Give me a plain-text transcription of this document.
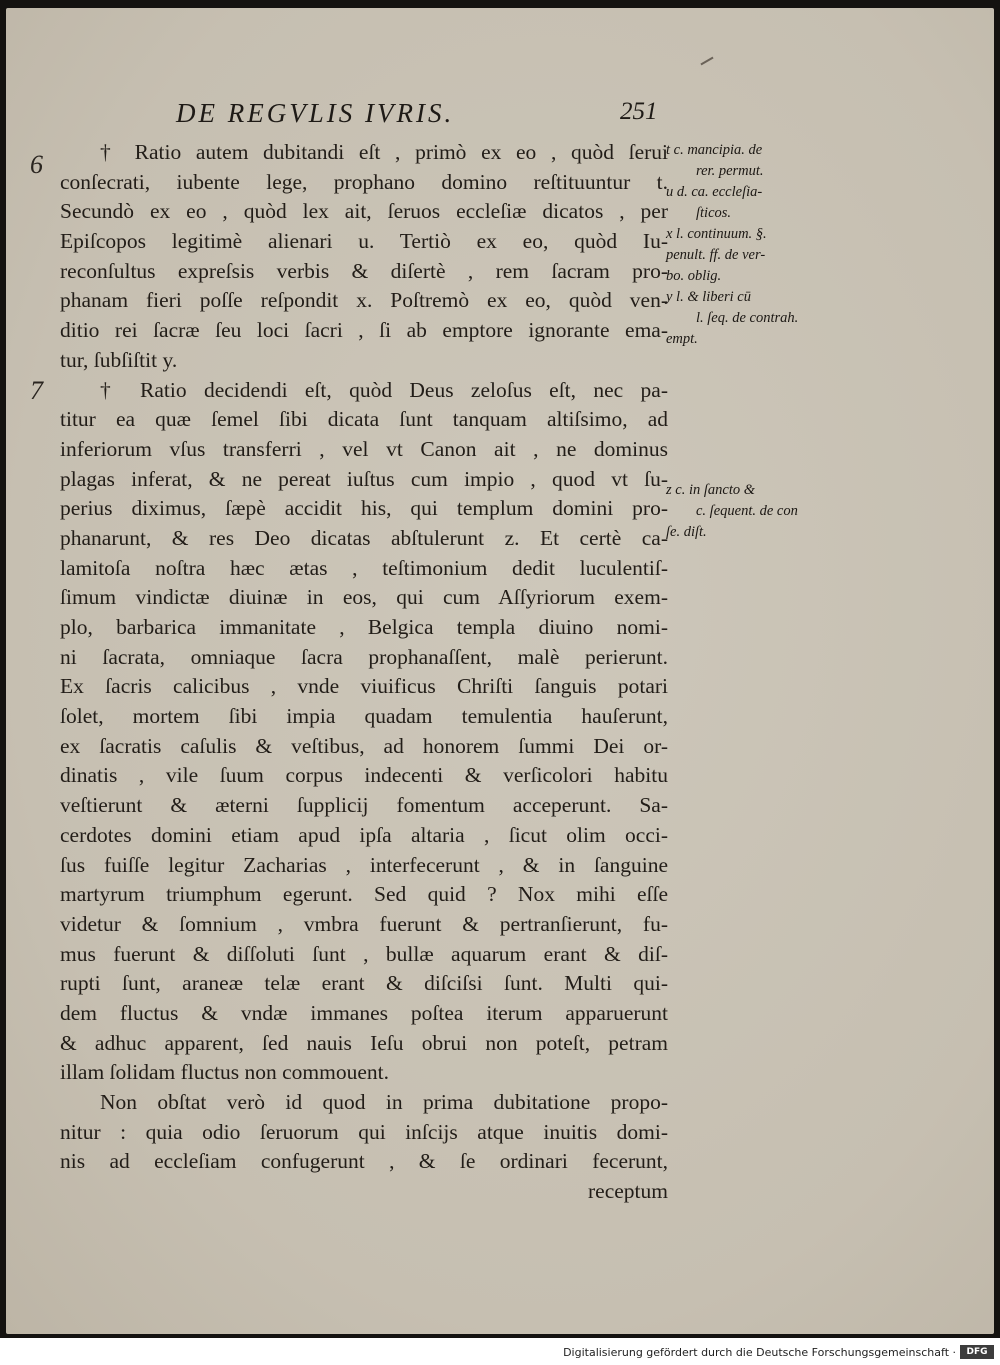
DE REGVLIS IVRIS.	251
6
7
† Ratio autem dubitandi eſt , primò ex eo , quòd ſerui
conſecrati, iubente lege, prophano domino reſtituuntur t.
Secundò ex eo , quòd lex ait, ſeruos eccleſiæ dicatos , per
Epiſcopos legitimè alienari u. Tertiò ex eo, quòd Iu-
reconſultus expreſsis verbis & diſertè , rem ſacram pro-
phanam fieri poſſe reſpondit x. Poſtremò ex eo, quòd ven-
ditio rei ſacræ ſeu loci ſacri , ſi ab emptore ignorante ema-
tur, ſubſiſtit y.
† Ratio decidendi eſt, quòd Deus zeloſus eſt, nec pa-
titur ea quæ ſemel ſibi dicata ſunt tanquam altiſsimo, ad
inferiorum vſus transferri , vel vt Canon ait , ne dominus
plagas inferat, & ne pereat iuſtus cum impio , quod vt ſu-
perius diximus, ſæpè accidit his, qui templum domini pro-
phanarunt, & res Deo dicatas abſtulerunt z. Et certè ca-
lamitoſa noſtra hæc ætas , teſtimonium dedit luculentiſ-
ſimum vindictæ diuinæ in eos, qui cum Aſſyriorum exem-
plo, barbarica immanitate , Belgica templa diuino nomi-
ni ſacrata, omniaque ſacra prophanaſſent, malè perierunt.
Ex ſacris calicibus , vnde viuificus Chriſti ſanguis potari
ſolet, mortem ſibi impia quadam temulentia hauſerunt,
ex ſacratis caſulis & veſtibus, ad honorem ſummi Dei or-
dinatis , vile ſuum corpus indecenti & verſicolori habitu
veſtierunt & æterni ſupplicij fomentum acceperunt. Sa-
cerdotes domini etiam apud ipſa altaria , ſicut olim occi-
ſus fuiſſe legitur Zacharias , interfecerunt , & in ſanguine
martyrum triumphum egerunt. Sed quid ? Nox mihi eſſe
videtur & ſomnium , vmbra fuerunt & pertranſierunt, fu-
mus fuerunt & diſſoluti ſunt , bullæ aquarum erant & diſ-
rupti ſunt, araneæ telæ erant & diſciſsi ſunt. Multi qui-
dem fluctus & vndæ immanes poſtea iterum apparuerunt
& adhuc apparent, ſed nauis Ieſu obrui non poteſt, petram
illam ſolidam fluctus non commouent.
Non obſtat verò id quod in prima dubitatione propo-
nitur : quia odio ſeruorum qui inſcijs atque inuitis domi-
nis ad eccleſiam confugerunt , & ſe ordinari fecerunt,
receptum
t c. mancipia. de
rer. permut.
u d. ca. eccleſia-
ſticos.
x l. continuum. §.
penult. ff. de ver-
bo. oblig.
y l. & liberi cū
l. ſeq. de contrah.
empt.
z c. in ſancto &
c. ſequent. de con
ſe. diſt.
Digitalisierung gefördert durch die Deutsche Forschungsgemeinschaft ·	DFG
